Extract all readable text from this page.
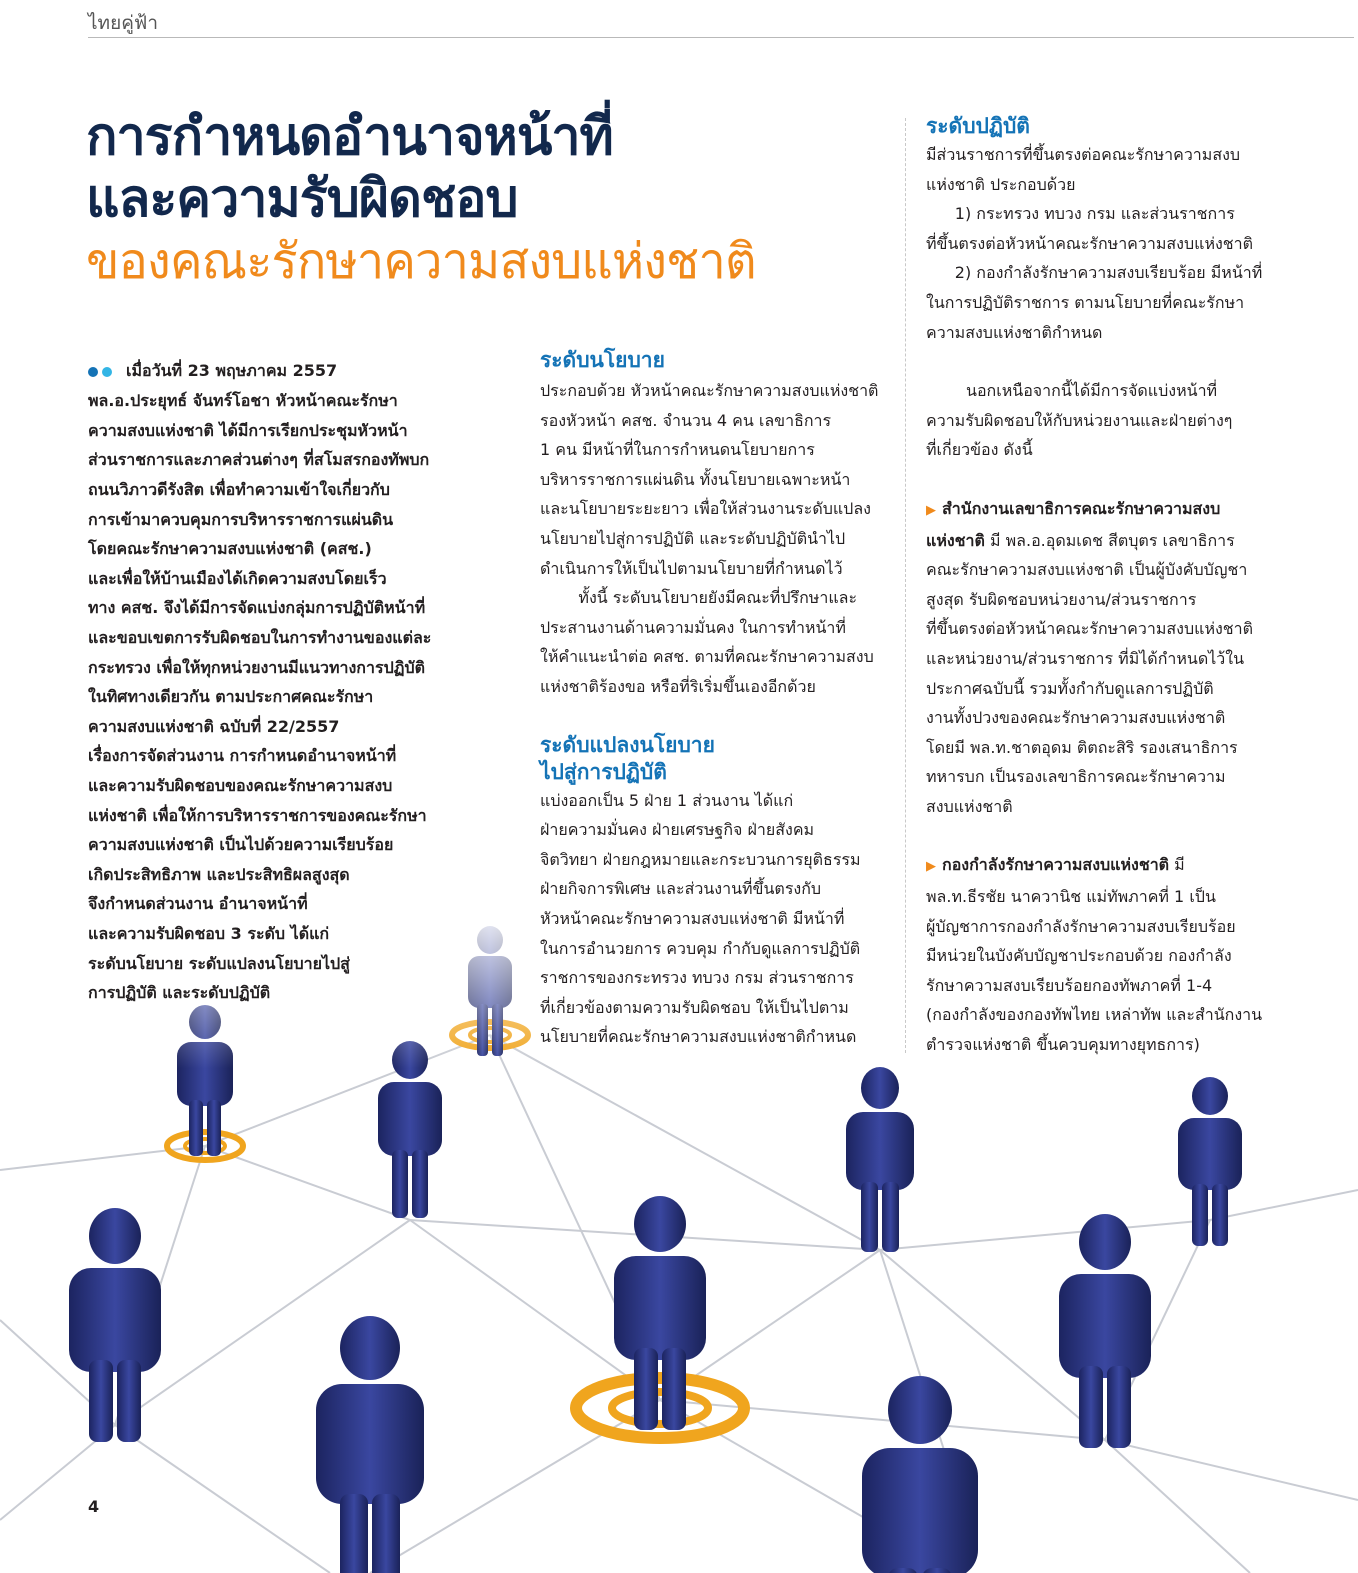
ไทยคู่ฟ้า
การกำหนดอำนาจหน้าที่
และความรับผิดชอบ
ของคณะรักษาความสงบแห่งชาติ

เมื่อวันที่ 23 พฤษภาคม 2557
พล.อ.ประยุทธ์ จันทร์โอชา หัวหน้าคณะรักษา
ความสงบแห่งชาติ ได้มีการเรียกประชุมหัวหน้า
ส่วนราชการและภาคส่วนต่างๆ ที่สโมสรกองทัพบก
ถนนวิภาวดีรังสิต เพื่อทำความเข้าใจเกี่ยวกับ
การเข้ามาควบคุมการบริหารราชการแผ่นดิน
โดยคณะรักษาความสงบแห่งชาติ (คสช.)
และเพื่อให้บ้านเมืองได้เกิดความสงบโดยเร็ว
ทาง คสช. จึงได้มีการจัดแบ่งกลุ่มการปฏิบัติหน้าที่
และขอบเขตการรับผิดชอบในการทำงานของแต่ละ
กระทรวง เพื่อให้ทุกหน่วยงานมีแนวทางการปฏิบัติ
ในทิศทางเดียวกัน ตามประกาศคณะรักษา
ความสงบแห่งชาติ ฉบับที่ 22/2557
เรื่องการจัดส่วนงาน การกำหนดอำนาจหน้าที่
และความรับผิดชอบของคณะรักษาความสงบ
แห่งชาติ เพื่อให้การบริหารราชการของคณะรักษา
ความสงบแห่งชาติ เป็นไปด้วยความเรียบร้อย
เกิดประสิทธิภาพ และประสิทธิผลสูงสุด
จึงกำหนดส่วนงาน อำนาจหน้าที่
และความรับผิดชอบ 3 ระดับ ได้แก่
ระดับนโยบาย ระดับแปลงนโยบายไปสู่
การปฏิบัติ และระดับปฏิบัติ

ระดับนโยบาย

ประกอบด้วย หัวหน้าคณะรักษาความสงบแห่งชาติ
รองหัวหน้า คสช. จำนวน 4 คน เลขาธิการ
1 คน มีหน้าที่ในการกำหนดนโยบายการ
บริหารราชการแผ่นดิน ทั้งนโยบายเฉพาะหน้า
และนโยบายระยะยาว เพื่อให้ส่วนงานระดับแปลง
นโยบายไปสู่การปฏิบัติ และระดับปฏิบัตินำไป
ดำเนินการให้เป็นไปตามนโยบายที่กำหนดไว้

ทั้งนี้ ระดับนโยบายยังมีคณะที่ปรึกษาและ
ประสานงานด้านความมั่นคง ในการทำหน้าที่
ให้คำแนะนำต่อ คสช. ตามที่คณะรักษาความสงบ
แห่งชาติร้องขอ หรือที่ริเริ่มขึ้นเองอีกด้วย

ระดับแปลงนโยบาย
ไปสู่การปฏิบัติ

แบ่งออกเป็น 5 ฝ่าย 1 ส่วนงาน ได้แก่
ฝ่ายความมั่นคง ฝ่ายเศรษฐกิจ ฝ่ายสังคม
จิตวิทยา ฝ่ายกฎหมายและกระบวนการยุติธรรม
ฝ่ายกิจการพิเศษ และส่วนงานที่ขึ้นตรงกับ
หัวหน้าคณะรักษาความสงบแห่งชาติ มีหน้าที่
ในการอำนวยการ ควบคุม กำกับดูแลการปฏิบัติ
ราชการของกระทรวง ทบวง กรม ส่วนราชการ
ที่เกี่ยวข้องตามความรับผิดชอบ ให้เป็นไปตาม
นโยบายที่คณะรักษาความสงบแห่งชาติกำหนด

ระดับปฏิบัติ

มีส่วนราชการที่ขึ้นตรงต่อคณะรักษาความสงบ
แห่งชาติ ประกอบด้วย

1) กระทรวง ทบวง กรม และส่วนราชการ
ที่ขึ้นตรงต่อหัวหน้าคณะรักษาความสงบแห่งชาติ

2) กองกำลังรักษาความสงบเรียบร้อย มีหน้าที่
ในการปฏิบัติราชการ ตามนโยบายที่คณะรักษา
ความสงบแห่งชาติกำหนด

นอกเหนือจากนี้ได้มีการจัดแบ่งหน้าที่
ความรับผิดชอบให้กับหน่วยงานและฝ่ายต่างๆ
ที่เกี่ยวข้อง ดังนี้

▶ สำนักงานเลขาธิการคณะรักษาความสงบ
แห่งชาติ มี พล.อ.อุดมเดช สีตบุตร เลขาธิการ
คณะรักษาความสงบแห่งชาติ เป็นผู้บังคับบัญชา
สูงสุด รับผิดชอบหน่วยงาน/ส่วนราชการ
ที่ขึ้นตรงต่อหัวหน้าคณะรักษาความสงบแห่งชาติ
และหน่วยงาน/ส่วนราชการ ที่มิได้กำหนดไว้ใน
ประกาศฉบับนี้ รวมทั้งกำกับดูแลการปฏิบัติ
งานทั้งปวงของคณะรักษาความสงบแห่งชาติ
โดยมี พล.ท.ชาตอุดม ติตถะสิริ รองเสนาธิการ
ทหารบก เป็นรองเลขาธิการคณะรักษาความ
สงบแห่งชาติ

▶ กองกำลังรักษาความสงบแห่งชาติ มี
พล.ท.ธีรชัย นาควานิช แม่ทัพภาคที่ 1 เป็น
ผู้บัญชาการกองกำลังรักษาความสงบเรียบร้อย
มีหน่วยในบังคับบัญชาประกอบด้วย กองกำลัง
รักษาความสงบเรียบร้อยกองทัพภาคที่ 1-4
(กองกำลังของกองทัพไทย เหล่าทัพ และสำนักงาน
ตำรวจแห่งชาติ ขึ้นควบคุมทางยุทธการ)

4
